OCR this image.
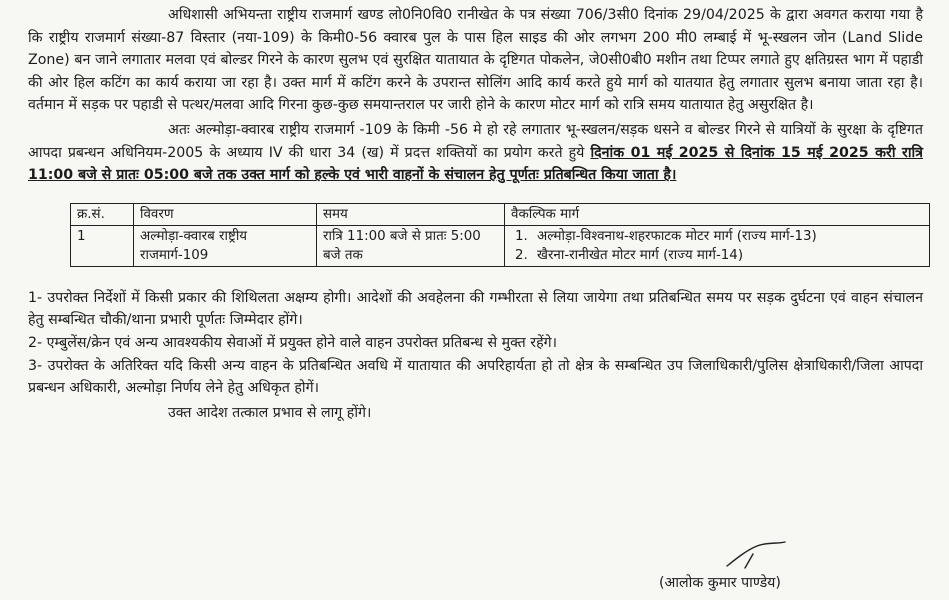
अधिशासी अभियन्ता राष्ट्रीय राजमार्ग खण्ड लो0नि0वि0 रानीखेत के पत्र संख्या 706/3सी0 दिनांक 29/04/2025 के द्वारा अवगत कराया गया है कि राष्ट्रीय राजमार्ग संख्या-87 विस्तार (नया-109) के किमी0-56 क्वारब पुल के पास हिल साइड की ओर लगभग 200 मी0 लम्बाई में भू-स्खलन जोन (Land Slide Zone) बन जाने लगातार मलवा एवं बोल्डर गिरने के कारण सुलभ एवं सुरक्षित यातायात के दृष्टिगत पोकलेन, जे0सी0बी0 मशीन तथा टिप्पर लगाते हुए क्षतिग्रस्त भाग में पहाडी की ओर हिल कटिंग का कार्य कराया जा रहा है। उक्त मार्ग में कटिंग करने के उपरान्त सोलिंग आदि कार्य करते हुये मार्ग को यातयात हेतु लगातार सुलभ बनाया जाता रहा है। वर्तमान में सड़क पर पहाडी से पत्थर/मलवा आदि गिरना कुछ-कुछ समयान्तराल पर जारी होने के कारण मोटर मार्ग को रात्रि समय यातायात हेतु असुरक्षित है।

अतः अल्मोड़ा-क्वारब राष्ट्रीय राजमार्ग -109 के किमी -56 मे हो रहे लगातार भू-स्खलन/सड़क धसने व बोल्डर गिरने से यात्रियों के सुरक्षा के दृष्टिगत आपदा प्रबन्धन अधिनियम-2005 के अध्याय IV की धारा 34 (ख) में प्रदत्त शक्तियों का प्रयोग करते हुये दिनांक 01 मई 2025 से दिनांक 15 मई 2025 करी रात्रि 11:00 बजे से प्रातः 05:00 बजे तक उक्त मार्ग को हल्के एवं भारी वाहनों के संचालन हेतु पूर्णतः प्रतिबन्धित किया जाता है।

क्र.सं.	विवरण	समय	वैकल्पिक मार्ग
1	अल्मोड़ा-क्वारब राष्ट्रीय राजमार्ग-109	रात्रि 11:00 बजे से प्रातः 5:00 बजे तक	1. अल्मोड़ा-विश्वनाथ-शहरफाटक मोटर मार्ग (राज्य मार्ग-13)
2. खैरना-रानीखेत मोटर मार्ग (राज्य मार्ग-14)

1- उपरोक्त निर्देशों में किसी प्रकार की शिथिलता अक्षम्य होगी। आदेशों की अवहेलना की गम्भीरता से लिया जायेगा तथा प्रतिबन्धित समय पर सड़क दुर्घटना एवं वाहन संचालन हेतु सम्बन्धित चौकी/थाना प्रभारी पूर्णतः जिम्मेदार होंगे।

2- एम्बुलेंस/क्रेन एवं अन्य आवश्यकीय सेवाओं में प्रयुक्त होने वाले वाहन उपरोक्त प्रतिबन्ध से मुक्त रहेंगे।

3- उपरोक्त के अतिरिक्त यदि किसी अन्य वाहन के प्रतिबन्धित अवधि में यातायात की अपरिहार्यता हो तो क्षेत्र के सम्बन्धित उप जिलाधिकारी/पुलिस क्षेत्राधिकारी/जिला आपदा प्रबन्धन अधिकारी, अल्मोड़ा निर्णय लेने हेतु अधिकृत होगें।

उक्त आदेश तत्काल प्रभाव से लागू होंगे।

(आलोक कुमार पाण्डेय)
